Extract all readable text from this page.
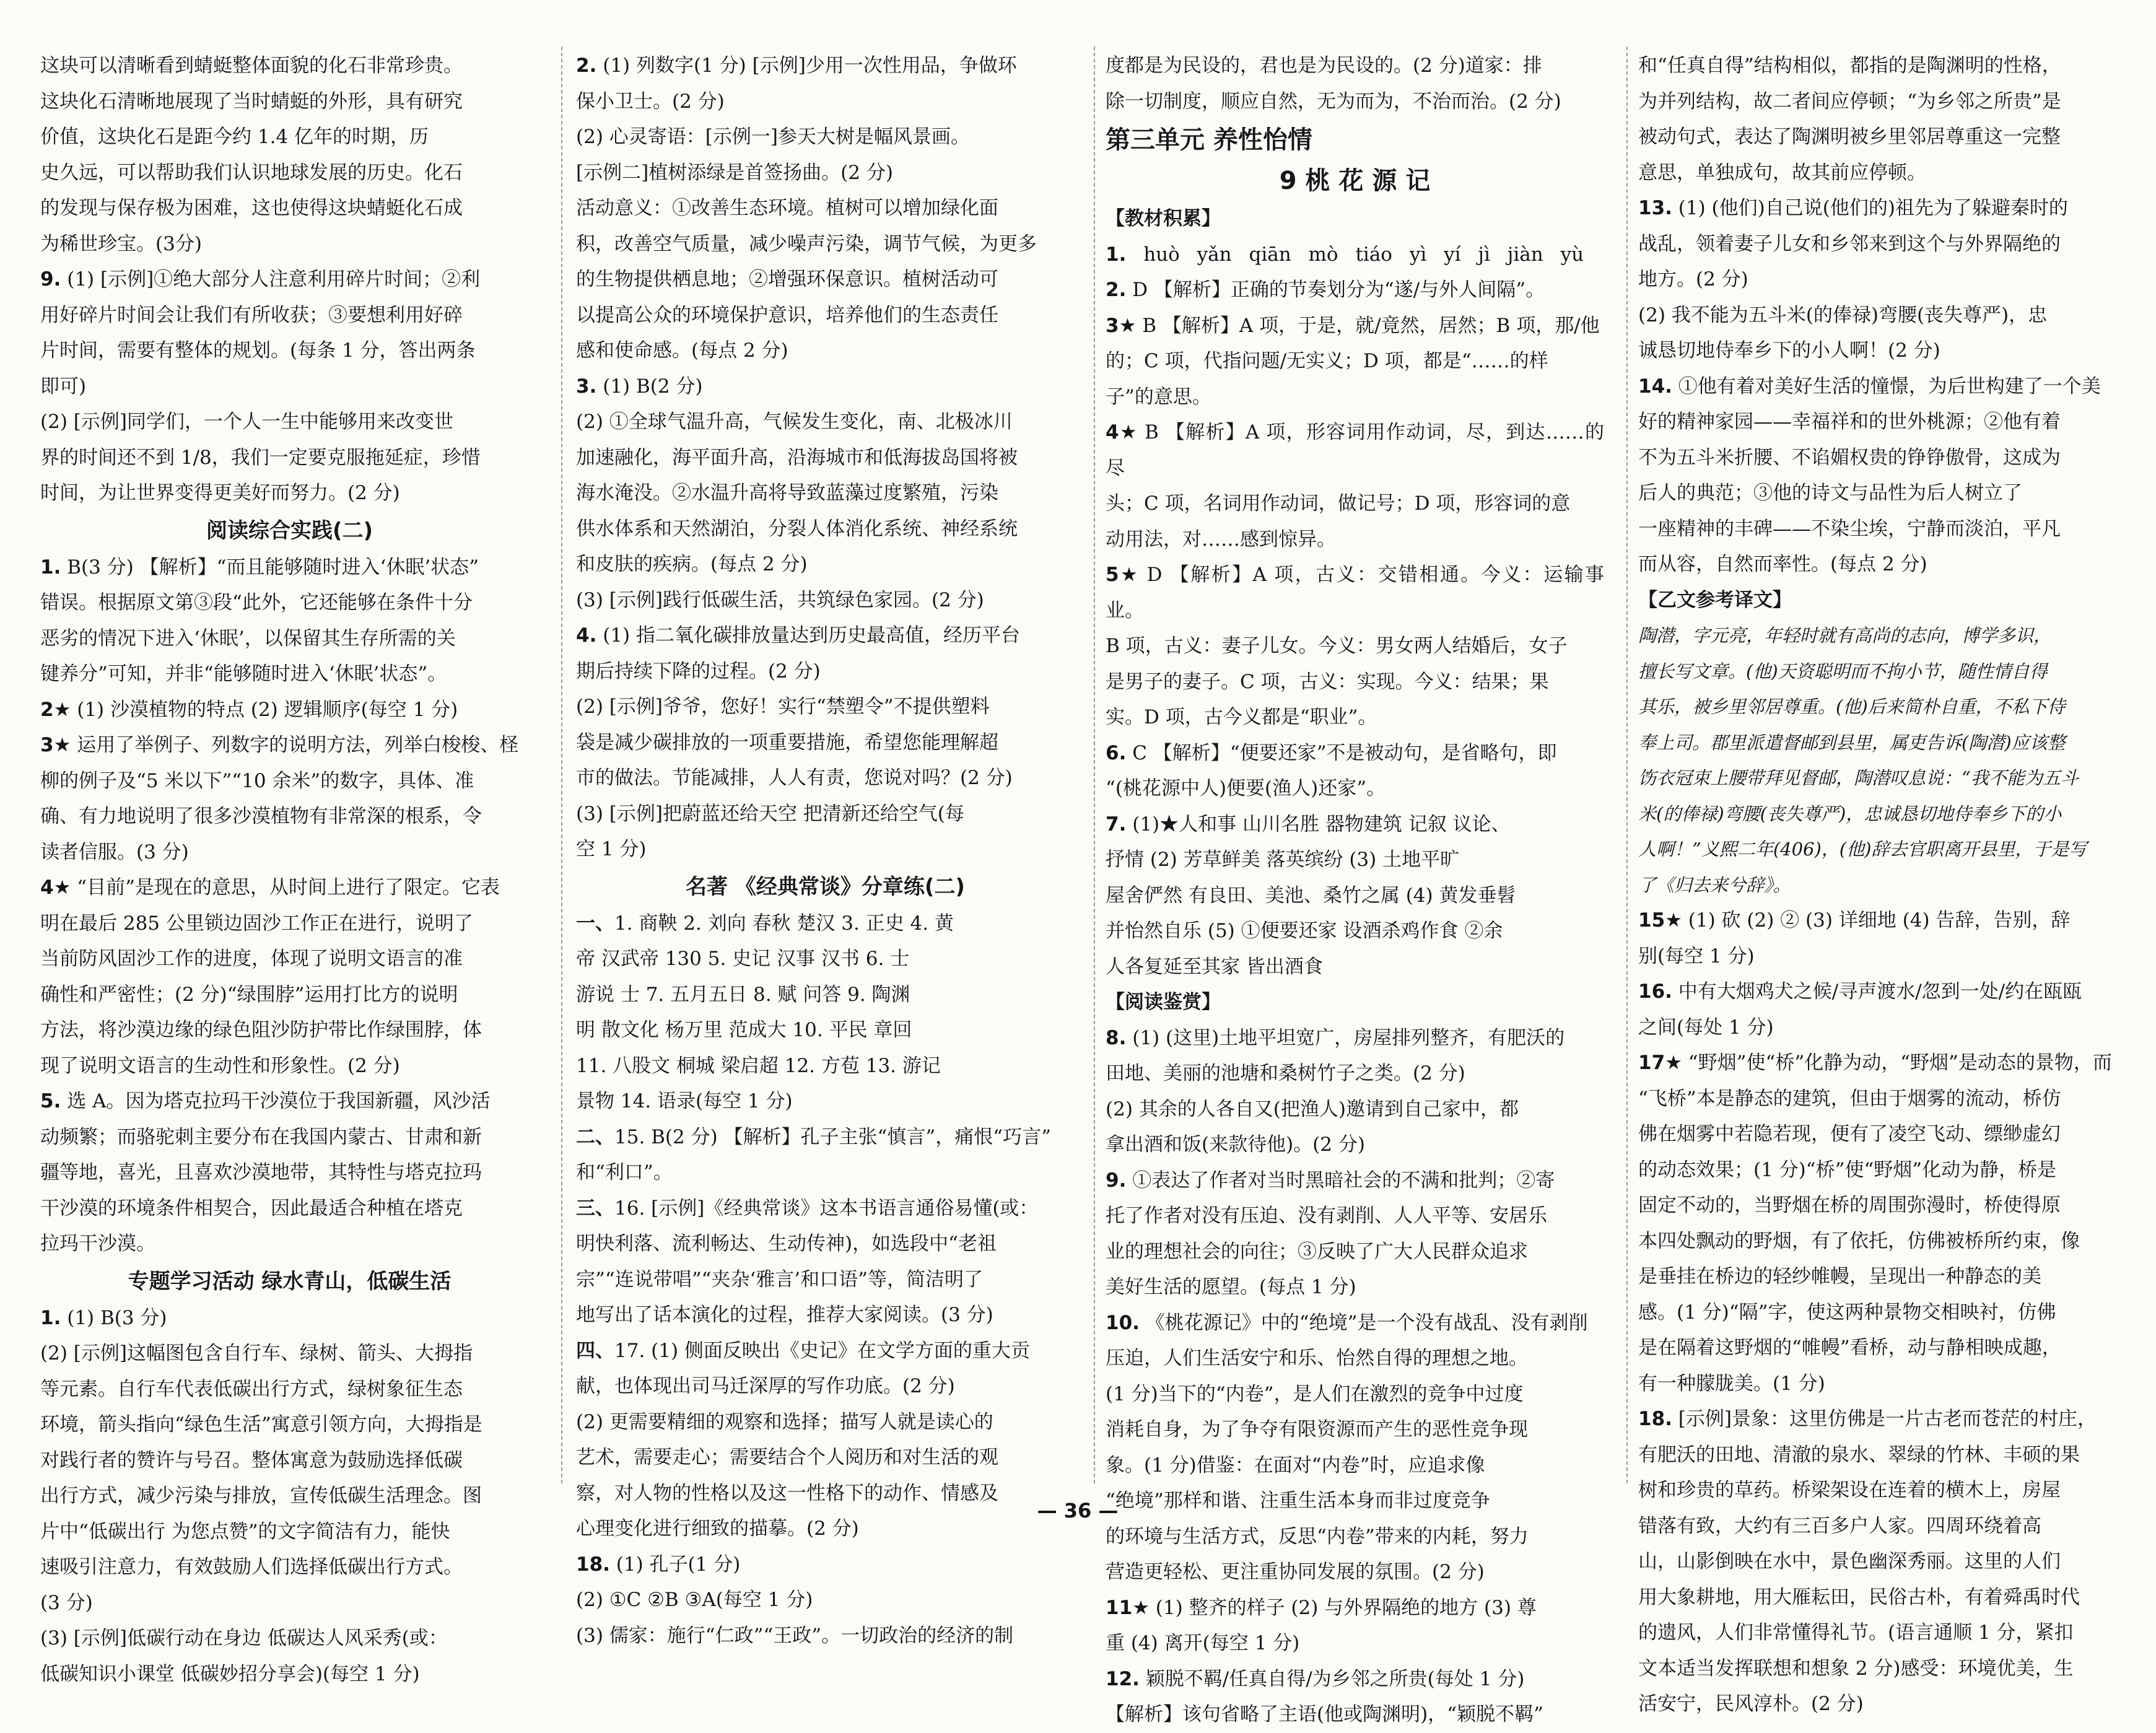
这块可以清晰看到蜻蜓整体面貌的化石非常珍贵。

这块化石清晰地展现了当时蜻蜓的外形，具有研究

价值，这块化石是距今约 1.4 亿年的时期，历

史久远，可以帮助我们认识地球发展的历史。化石

的发现与保存极为困难，这也使得这块蜻蜓化石成

为稀世珍宝。(3分)

9. (1) [示例]①绝大部分人注意利用碎片时间；②利

用好碎片时间会让我们有所收获；③要想利用好碎

片时间，需要有整体的规划。(每条 1 分，答出两条

即可)

(2) [示例]同学们，一个人一生中能够用来改变世

界的时间还不到 1/8，我们一定要克服拖延症，珍惜

时间，为让世界变得更美好而努力。(2 分)

阅读综合实践(二)

1. B(3 分) 【解析】“而且能够随时进入‘休眠’状态”

错误。根据原文第③段“此外，它还能够在条件十分

恶劣的情况下进入‘休眠’，以保留其生存所需的关

键养分”可知，并非“能够随时进入‘休眠’状态”。

2★ (1) 沙漠植物的特点 (2) 逻辑顺序(每空 1 分)

3★ 运用了举例子、列数字的说明方法，列举白梭梭、柽

柳的例子及“5 米以下”“10 余米”的数字，具体、准

确、有力地说明了很多沙漠植物有非常深的根系，令

读者信服。(3 分)

4★ “目前”是现在的意思，从时间上进行了限定。它表

明在最后 285 公里锁边固沙工作正在进行，说明了

当前防风固沙工作的进度，体现了说明文语言的准

确性和严密性；(2 分)“绿围脖”运用打比方的说明

方法，将沙漠边缘的绿色阻沙防护带比作绿围脖，体

现了说明文语言的生动性和形象性。(2 分)

5. 选 A。因为塔克拉玛干沙漠位于我国新疆，风沙活

动频繁；而骆驼刺主要分布在我国内蒙古、甘肃和新

疆等地，喜光，且喜欢沙漠地带，其特性与塔克拉玛

干沙漠的环境条件相契合，因此最适合种植在塔克

拉玛干沙漠。

专题学习活动 绿水青山，低碳生活

1. (1) B(3 分)

(2) [示例]这幅图包含自行车、绿树、箭头、大拇指

等元素。自行车代表低碳出行方式，绿树象征生态

环境，箭头指向“绿色生活”寓意引领方向，大拇指是

对践行者的赞许与号召。整体寓意为鼓励选择低碳

出行方式，减少污染与排放，宣传低碳生活理念。图

片中“低碳出行 为您点赞”的文字简洁有力，能快

速吸引注意力，有效鼓励人们选择低碳出行方式。

(3 分)

(3) [示例]低碳行动在身边 低碳达人风采秀(或：

低碳知识小课堂 低碳妙招分享会)(每空 1 分)

2. (1) 列数字(1 分) [示例]少用一次性用品，争做环

保小卫士。(2 分)

(2) 心灵寄语：[示例一]参天大树是幅风景画。

[示例二]植树添绿是首签扬曲。(2 分)

活动意义：①改善生态环境。植树可以增加绿化面

积，改善空气质量，减少噪声污染，调节气候，为更多

的生物提供栖息地；②增强环保意识。植树活动可

以提高公众的环境保护意识，培养他们的生态责任

感和使命感。(每点 2 分)

3. (1) B(2 分)

(2) ①全球气温升高，气候发生变化，南、北极冰川

加速融化，海平面升高，沿海城市和低海拔岛国将被

海水淹没。②水温升高将导致蓝藻过度繁殖，污染

供水体系和天然湖泊，分裂人体消化系统、神经系统

和皮肤的疾病。(每点 2 分)

(3) [示例]践行低碳生活，共筑绿色家园。(2 分)

4. (1) 指二氧化碳排放量达到历史最高值，经历平台

期后持续下降的过程。(2 分)

(2) [示例]爷爷，您好！实行“禁塑令”不提供塑料

袋是减少碳排放的一项重要措施，希望您能理解超

市的做法。节能减排，人人有责，您说对吗？(2 分)

(3) [示例]把蔚蓝还给天空 把清新还给空气(每

空 1 分)

名著 《经典常谈》分章练(二)

一、1. 商鞅 2. 刘向 春秋 楚汉 3. 正史 4. 黄

帝 汉武帝 130 5. 史记 汉事 汉书 6. 士

游说 士 7. 五月五日 8. 赋 问答 9. 陶渊

明 散文化 杨万里 范成大 10. 平民 章回

11. 八股文 桐城 梁启超 12. 方苞 13. 游记

景物 14. 语录(每空 1 分)

二、15. B(2 分) 【解析】孔子主张“慎言”，痛恨“巧言”

和“利口”。

三、16. [示例]《经典常谈》这本书语言通俗易懂(或：

明快利落、流利畅达、生动传神)，如选段中“老祖

宗”“连说带唱”“夹杂‘雅言’和口语”等，简洁明了

地写出了话本演化的过程，推荐大家阅读。(3 分)

四、17. (1) 侧面反映出《史记》在文学方面的重大贡

献，也体现出司马迁深厚的写作功底。(2 分)

(2) 更需要精细的观察和选择；描写人就是读心的

艺术，需要走心；需要结合个人阅历和对生活的观

察，对人物的性格以及这一性格下的动作、情感及

心理变化进行细致的描摹。(2 分)

18. (1) 孔子(1 分)

(2) ①C ②B ③A(每空 1 分)

(3) 儒家：施行“仁政”“王政”。一切政治的经济的制

度都是为民设的，君也是为民设的。(2 分)道家：排

除一切制度，顺应自然，无为而为，不治而治。(2 分)

第三单元 养性怡情

9 桃 花 源 记

【教材积累】

1. huò yǎn qiān mò tiáo yì yí jì jiàn yù

2. D 【解析】正确的节奏划分为“遂/与外人间隔”。

3★ B 【解析】A 项，于是，就/竟然，居然；B 项，那/他

的；C 项，代指问题/无实义；D 项，都是“……的样

子”的意思。

4★ B 【解析】A 项，形容词用作动词，尽，到达……的尽

头；C 项，名词用作动词，做记号；D 项，形容词的意

动用法，对……感到惊异。

5★ D 【解析】A 项，古义：交错相通。今义：运输事业。

B 项，古义：妻子儿女。今义：男女两人结婚后，女子

是男子的妻子。C 项，古义：实现。今义：结果；果

实。D 项，古今义都是“职业”。

6. C 【解析】“便要还家”不是被动句，是省略句，即

“(桃花源中人)便要(渔人)还家”。

7. (1)★人和事 山川名胜 器物建筑 记叙 议论、

抒情 (2) 芳草鲜美 落英缤纷 (3) 土地平旷

屋舍俨然 有良田、美池、桑竹之属 (4) 黄发垂髫

并怡然自乐 (5) ①便要还家 设酒杀鸡作食 ②余

人各复延至其家 皆出酒食

【阅读鉴赏】

8. (1) (这里)土地平坦宽广，房屋排列整齐，有肥沃的

田地、美丽的池塘和桑树竹子之类。(2 分)

(2) 其余的人各自又(把渔人)邀请到自己家中，都

拿出酒和饭(来款待他)。(2 分)

9. ①表达了作者对当时黑暗社会的不满和批判；②寄

托了作者对没有压迫、没有剥削、人人平等、安居乐

业的理想社会的向往；③反映了广大人民群众追求

美好生活的愿望。(每点 1 分)

10. 《桃花源记》中的“绝境”是一个没有战乱、没有剥削

压迫，人们生活安宁和乐、怡然自得的理想之地。

(1 分)当下的“内卷”，是人们在激烈的竞争中过度

消耗自身，为了争夺有限资源而产生的恶性竞争现

象。(1 分)借鉴：在面对“内卷”时，应追求像

“绝境”那样和谐、注重生活本身而非过度竞争

的环境与生活方式，反思“内卷”带来的内耗，努力

营造更轻松、更注重协同发展的氛围。(2 分)

11★ (1) 整齐的样子 (2) 与外界隔绝的地方 (3) 尊

重 (4) 离开(每空 1 分)

12. 颖脱不羁/任真自得/为乡邻之所贵(每处 1 分)

【解析】该句省略了主语(他或陶渊明)，“颖脱不羁”

和“任真自得”结构相似，都指的是陶渊明的性格，

为并列结构，故二者间应停顿；“为乡邻之所贵”是

被动句式，表达了陶渊明被乡里邻居尊重这一完整

意思，单独成句，故其前应停顿。

13. (1) (他们)自己说(他们的)祖先为了躲避秦时的

战乱，领着妻子儿女和乡邻来到这个与外界隔绝的

地方。(2 分)

(2) 我不能为五斗米(的俸禄)弯腰(丧失尊严)，忠

诚恳切地侍奉乡下的小人啊！(2 分)

14. ①他有着对美好生活的憧憬，为后世构建了一个美

好的精神家园——幸福祥和的世外桃源；②他有着

不为五斗米折腰、不谄媚权贵的铮铮傲骨，这成为

后人的典范；③他的诗文与品性为后人树立了

一座精神的丰碑——不染尘埃，宁静而淡泊，平凡

而从容，自然而率性。(每点 2 分)

【乙文参考译文】

陶潜，字元亮，年轻时就有高尚的志向，博学多识，

擅长写文章。(他)天资聪明而不拘小节，随性情自得

其乐，被乡里邻居尊重。(他)后来简朴自重，不私下侍

奉上司。郡里派遣督邮到县里，属吏告诉(陶潜)应该整

饬衣冠束上腰带拜见督邮，陶潜叹息说：“我不能为五斗

米(的俸禄)弯腰(丧失尊严)，忠诚恳切地侍奉乡下的小

人啊！”义熙二年(406)，(他)辞去官职离开县里，于是写

了《归去来兮辞》。

15★ (1) 砍 (2) ② (3) 详细地 (4) 告辞，告别，辞

别(每空 1 分)

16. 中有大烟鸡犬之候/寻声渡水/忽到一处/约在瓯瓯

之间(每处 1 分)

17★ “野烟”使“桥”化静为动，“野烟”是动态的景物，而

“飞桥”本是静态的建筑，但由于烟雾的流动，桥仿

佛在烟雾中若隐若现，便有了凌空飞动、缥缈虚幻

的动态效果；(1 分)“桥”使“野烟”化动为静，桥是

固定不动的，当野烟在桥的周围弥漫时，桥使得原

本四处飘动的野烟，有了依托，仿佛被桥所约束，像

是垂挂在桥边的轻纱帷幔，呈现出一种静态的美

感。(1 分)“隔”字，使这两种景物交相映衬，仿佛

是在隔着这野烟的“帷幔”看桥，动与静相映成趣，

有一种朦胧美。(1 分)

18. [示例]景象：这里仿佛是一片古老而苍茫的村庄，

有肥沃的田地、清澈的泉水、翠绿的竹林、丰硕的果

树和珍贵的草药。桥梁架设在连着的横木上，房屋

错落有致，大约有三百多户人家。四周环绕着高

山，山影倒映在水中，景色幽深秀丽。这里的人们

用大象耕地，用大雁耘田，民俗古朴，有着舜禹时代

的遗风，人们非常懂得礼节。(语言通顺 1 分，紧扣

文本适当发挥联想和想象 2 分)感受：环境优美，生

活安宁，民风淳朴。(2 分)

— 36 —
